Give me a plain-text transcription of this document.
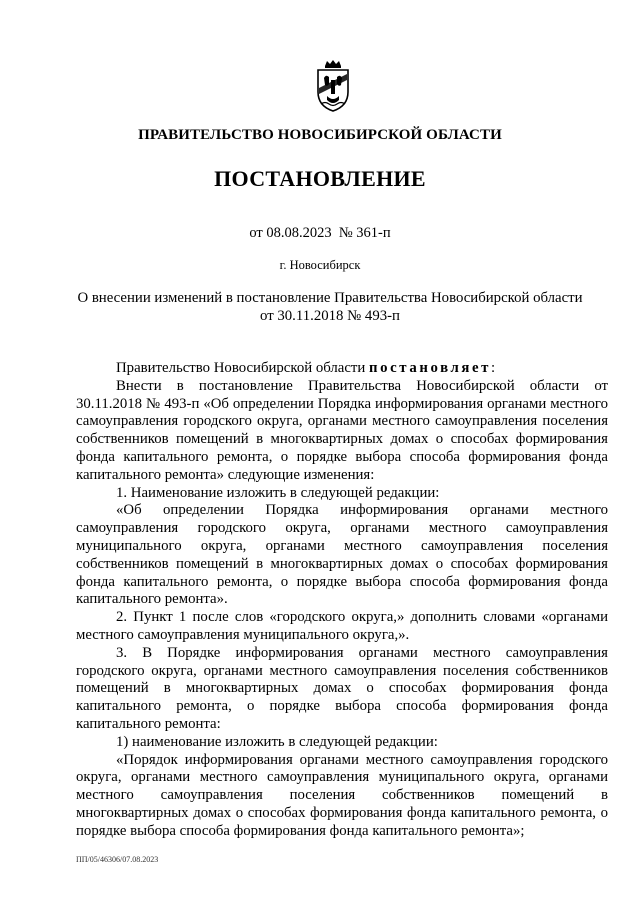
ПРАВИТЕЛЬСТВО НОВОСИБИРСКОЙ ОБЛАСТИ
ПОСТАНОВЛЕНИЕ
от 08.08.2023  № 361-п
г. Новосибирск
О внесении изменений в постановление Правительства Новосибирской области
от 30.11.2018 № 493-п

Правительство Новосибирской области постановляет:

Внести в постановление Правительства Новосибирской области от 30.11.2018 № 493-п «Об определении Порядка информирования органами местного самоуправления городского округа, органами местного самоуправления поселения собственников помещений в многоквартирных домах о способах формирования фонда капитального ремонта, о порядке выбора способа формирования фонда капитального ремонта» следующие изменения:

1. Наименование изложить в следующей редакции:

«Об определении Порядка информирования органами местного самоуправления городского округа, органами местного самоуправления муниципального округа, органами местного самоуправления поселения собственников помещений в многоквартирных домах о способах формирования фонда капитального ремонта, о порядке выбора способа формирования фонда капитального ремонта».

2. Пункт 1 после слов «городского округа,» дополнить словами «органами местного самоуправления муниципального округа,».

3. В Порядке информирования органами местного самоуправления городского округа, органами местного самоуправления поселения собственников помещений в многоквартирных домах о способах формирования фонда капитального ремонта, о порядке выбора способа формирования фонда капитального ремонта:

1) наименование изложить в следующей редакции:

«Порядок информирования органами местного самоуправления городского округа, органами местного самоуправления муниципального округа, органами местного самоуправления поселения собственников помещений в многоквартирных домах о способах формирования фонда капитального ремонта, о порядке выбора способа формирования фонда капитального ремонта»;

ПП/05/46306/07.08.2023
